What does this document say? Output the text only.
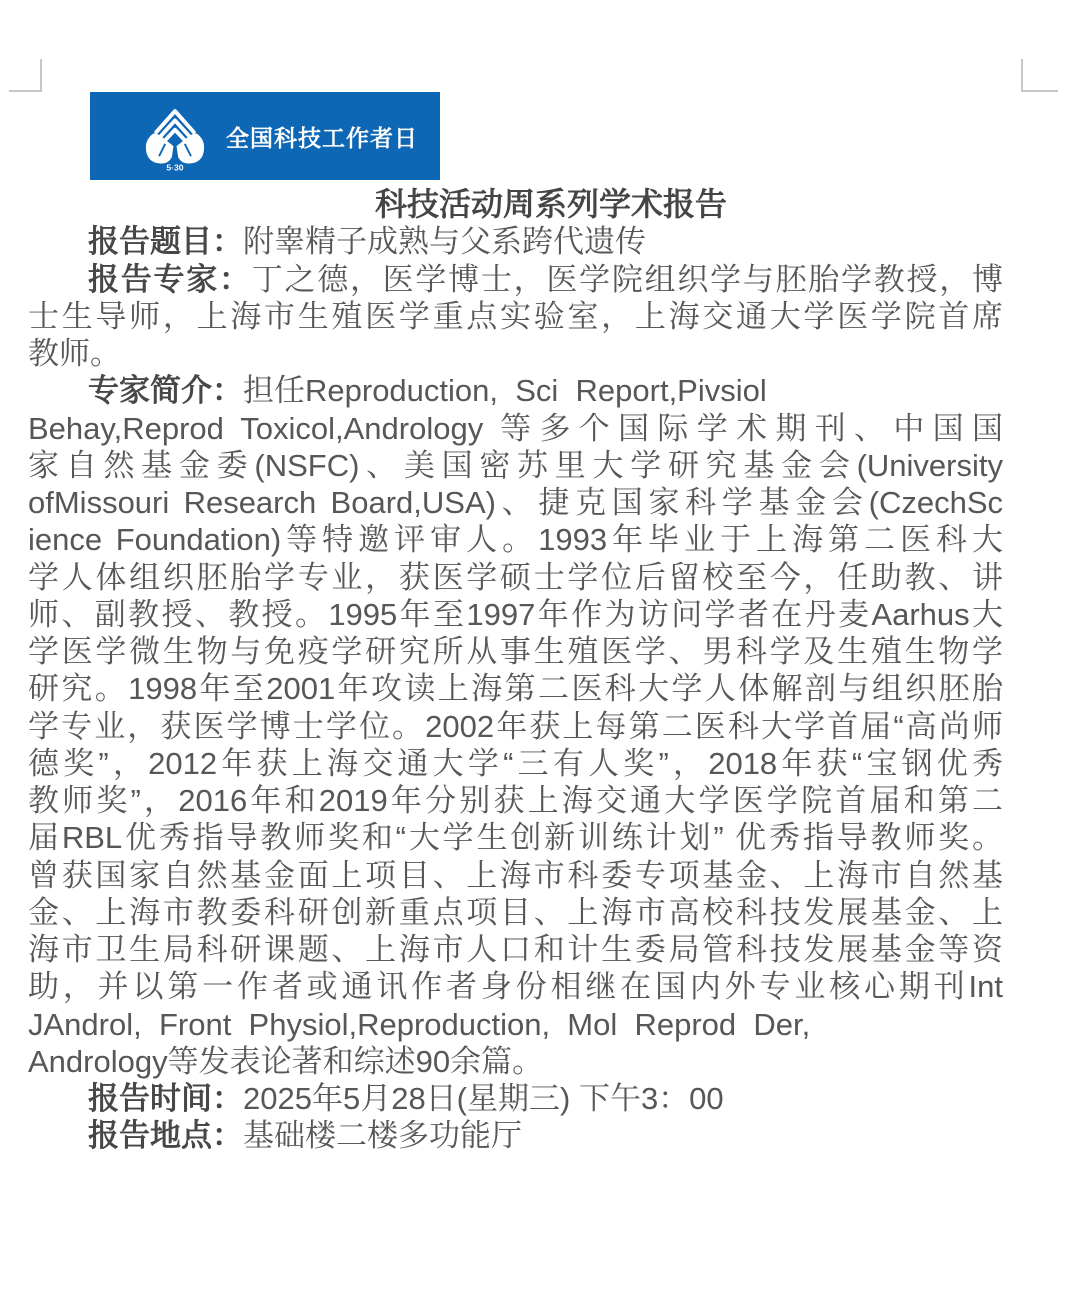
5·30
全国科技工作者日
科技活动周系列学术报告
报告题目：附睾精子成熟与父系跨代遗传
报告专家：丁之德，医学博士，医学院组织学与胚胎学教授，博
士生导师，上海市生殖医学重点实验室，上海交通大学医学院首席
教师。
专家简介：担任Reproduction,  Sci  Report,Pivsiol
Behay,Reprod Toxicol,Andrology 等多个国际学术期刊、中国国
家自然基金委(NSFC)、美国密苏里大学研究基金会(University
ofMissouri Research Board,USA)、捷克国家科学基金会(CzechSc
ience Foundation)等特邀评审人。1993年毕业于上海第二医科大
学人体组织胚胎学专业，获医学硕士学位后留校至今，任助教、讲
师、副教授、教授。1995年至1997年作为访问学者在丹麦Aarhus大
学医学微生物与免疫学研究所从事生殖医学、男科学及生殖生物学
研究。1998年至2001年攻读上海第二医科大学人体解剖与组织胚胎
学专业，获医学博士学位。2002年获上每第二医科大学首届“高尚师
德奖”，2012年获上海交通大学“三有人奖”，2018年获“宝钢优秀
教师奖”，2016年和2019年分别获上海交通大学医学院首届和第二
届RBL优秀指导教师奖和“大学生创新训练计划” 优秀指导教师奖。
曾获国家自然基金面上项目、上海市科委专项基金、上海市自然基
金、上海市教委科研创新重点项目、上海市高校科技发展基金、上
海市卫生局科研课题、上海市人口和计生委局管科技发展基金等资
助，并以第一作者或通讯作者身份相继在国内外专业核心期刊Int
JAndrol,  Front  Physiol,Reproduction,  Mol  Reprod  Der,
Andrology等发表论著和综述90余篇。
报告时间：2025年5月28日(星期三) 下午3：00
报告地点：基础楼二楼多功能厅
